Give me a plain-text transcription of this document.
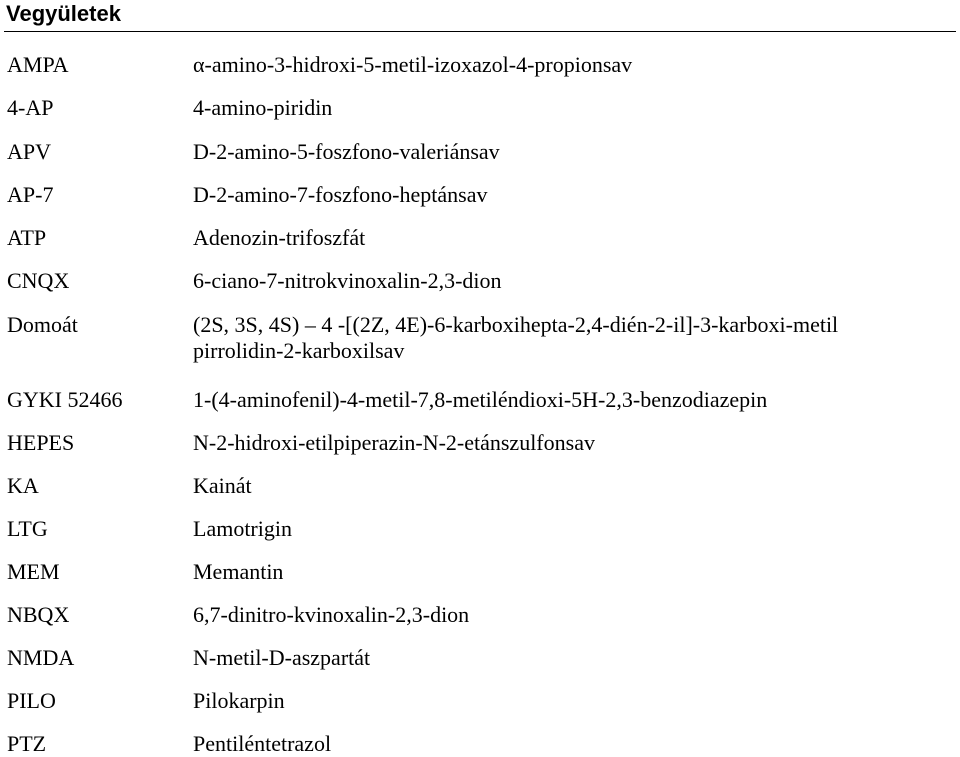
Vegyületek
AMPA	α-amino-3-hidroxi-5-metil-izoxazol-4-propionsav
4-AP	4-amino-piridin
APV	D-2-amino-5-foszfono-valeriánsav
AP-7	D-2-amino-7-foszfono-heptánsav
ATP	Adenozin-trifoszfát
CNQX	6-ciano-7-nitrokvinoxalin-2,3-dion
Domoát	(2S, 3S, 4S) – 4 -[(2Z, 4E)-6-karboxihepta-2,4-dién-2-il]-3-karboxi-metil
pirrolidin-2-karboxilsav
GYKI 52466	1-(4-aminofenil)-4-metil-7,8-metiléndioxi-5H-2,3-benzodiazepin
HEPES	N-2-hidroxi-etilpiperazin-N-2-etánszulfonsav
KA	Kainát
LTG	Lamotrigin
MEM	Memantin
NBQX	6,7-dinitro-kvinoxalin-2,3-dion
NMDA	N-metil-D-aszpartát
PILO	Pilokarpin
PTZ	Pentiléntetrazol
